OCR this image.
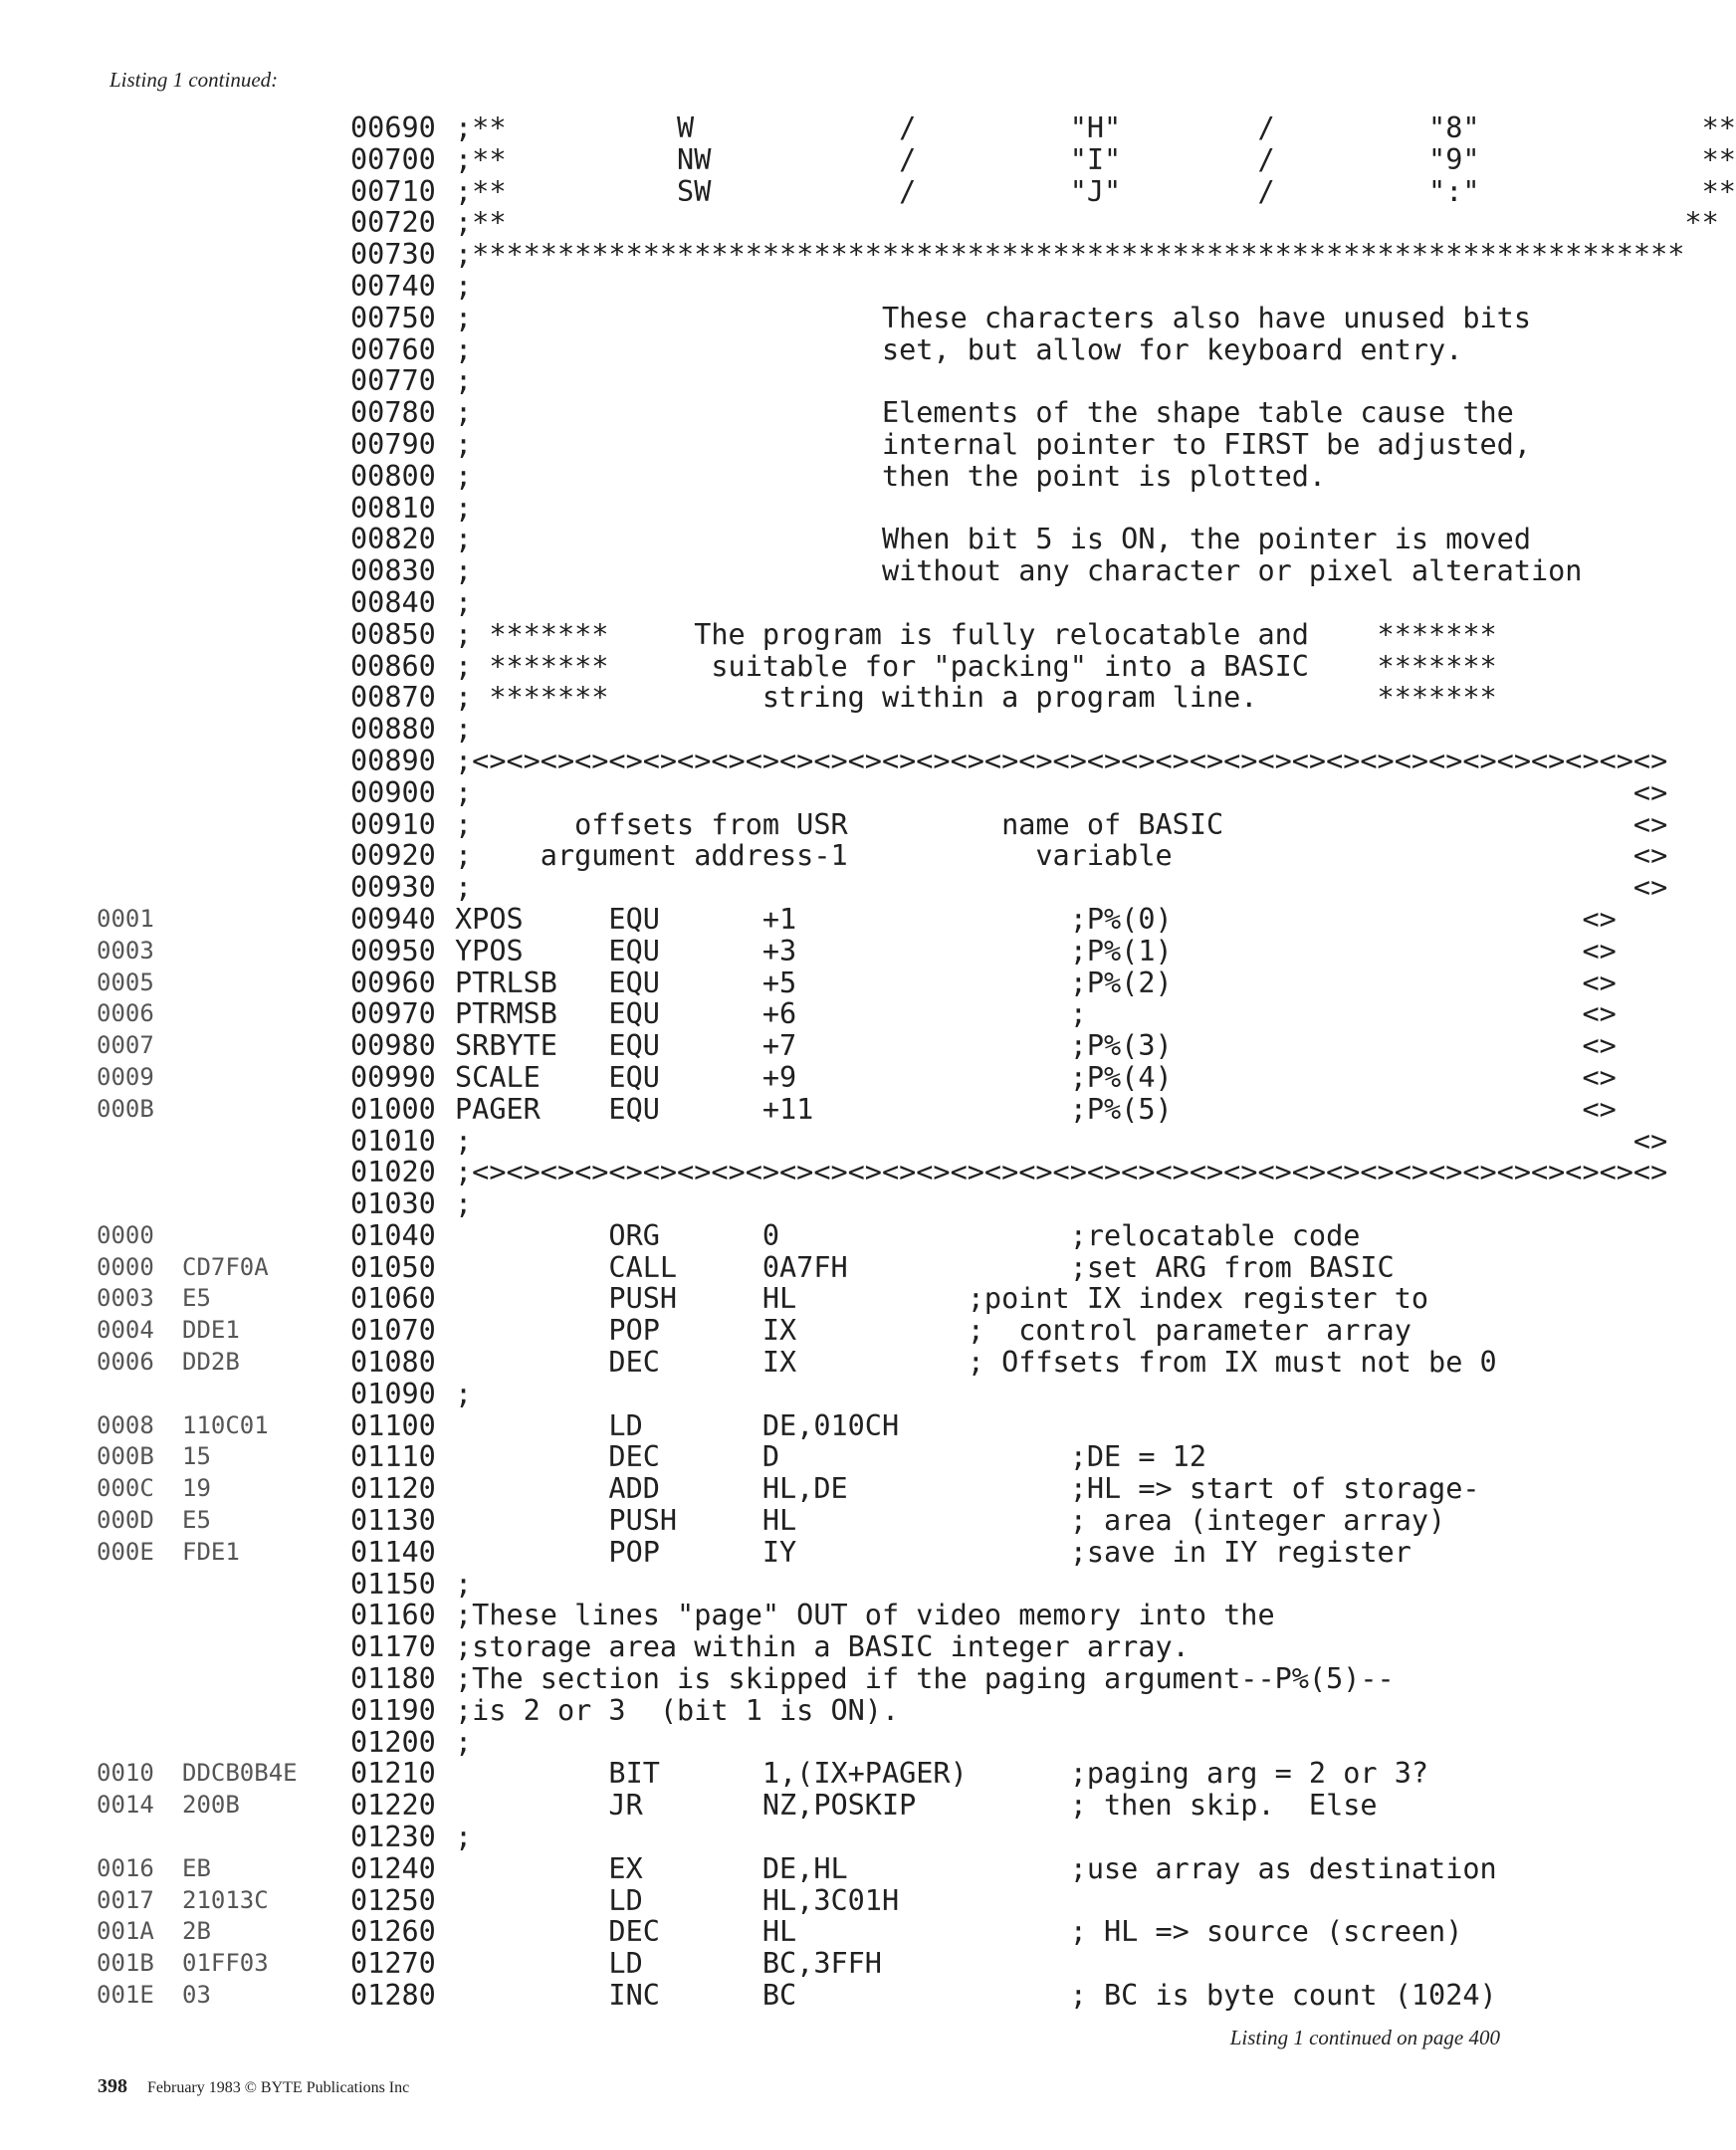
Listing 1 continued:
00690 ;**          W            /         "H"        /         "8"             **
00700 ;**          NW           /         "I"        /         "9"             **
00710 ;**          SW           /         "J"        /         ":"             **
00720 ;**                                                                     **
00730 ;***********************************************************************
00740 ;
00750 ;                        These characters also have unused bits
00760 ;                        set, but allow for keyboard entry.
00770 ;
00780 ;                        Elements of the shape table cause the
00790 ;                        internal pointer to FIRST be adjusted,
00800 ;                        then the point is plotted.
00810 ;
00820 ;                        When bit 5 is ON, the pointer is moved
00830 ;                        without any character or pixel alteration
00840 ;
00850 ; *******     The program is fully relocatable and    *******
00860 ; *******      suitable for "packing" into a BASIC    *******
00870 ; *******         string within a program line.       *******
00880 ;
00890 ;<><><><><><><><><><><><><><><><><><><><><><><><><><><><><><><><><><><>
00900 ;                                                                    <>
00910 ;      offsets from USR         name of BASIC                        <>
00920 ;    argument address-1           variable                           <>
00930 ;                                                                    <>
0001	00940 XPOS     EQU      +1                ;P%(0)                        <>
0003	00950 YPOS     EQU      +3                ;P%(1)                        <>
0005	00960 PTRLSB   EQU      +5                ;P%(2)                        <>
0006	00970 PTRMSB   EQU      +6                ;                             <>
0007	00980 SRBYTE   EQU      +7                ;P%(3)                        <>
0009	00990 SCALE    EQU      +9                ;P%(4)                        <>
000B	01000 PAGER    EQU      +11               ;P%(5)                        <>
01010 ;                                                                    <>
01020 ;<><><><><><><><><><><><><><><><><><><><><><><><><><><><><><><><><><><>
01030 ;
0000	01040 ORG      0                 ;relocatable code
0000 CD7F0A	01050 CALL     0A7FH             ;set ARG from BASIC
0003 E5	01060 PUSH     HL          ;point IX index register to
0004 DDE1	01070 POP      IX          ;  control parameter array
0006 DD2B	01080 DEC      IX          ; Offsets from IX must not be 0
01090 ;
0008 110C01	01100 LD       DE,010CH
000B 15	01110 DEC      D                 ;DE = 12
000C 19	01120 ADD      HL,DE             ;HL => start of storage-
000D E5	01130 PUSH     HL                ; area (integer array)
000E FDE1	01140 POP      IY                ;save in IY register
01150 ;
01160 ;These lines "page" OUT of video memory into the
01170 ;storage area within a BASIC integer array.
01180 ;The section is skipped if the paging argument--P%(5)--
01190 ;is 2 or 3  (bit 1 is ON).
01200 ;
0010 DDCB0B4E 01210 BIT      1,(IX+PAGER)      ;paging arg = 2 or 3?
0014 200B	01220 JR       NZ,POSKIP         ; then skip.  Else
01230 ;
0016 EB	01240 EX       DE,HL             ;use array as destination
0017 21013C	01250 LD       HL,3C01H
001A 2B	01260 DEC      HL                ; HL => source (screen)
001B 01FF03	01270 LD       BC,3FFH
001E 03	01280 INC      BC                ; BC is byte count (1024)
Listing 1 continued on page 400
398 February 1983 © BYTE Publications Inc
